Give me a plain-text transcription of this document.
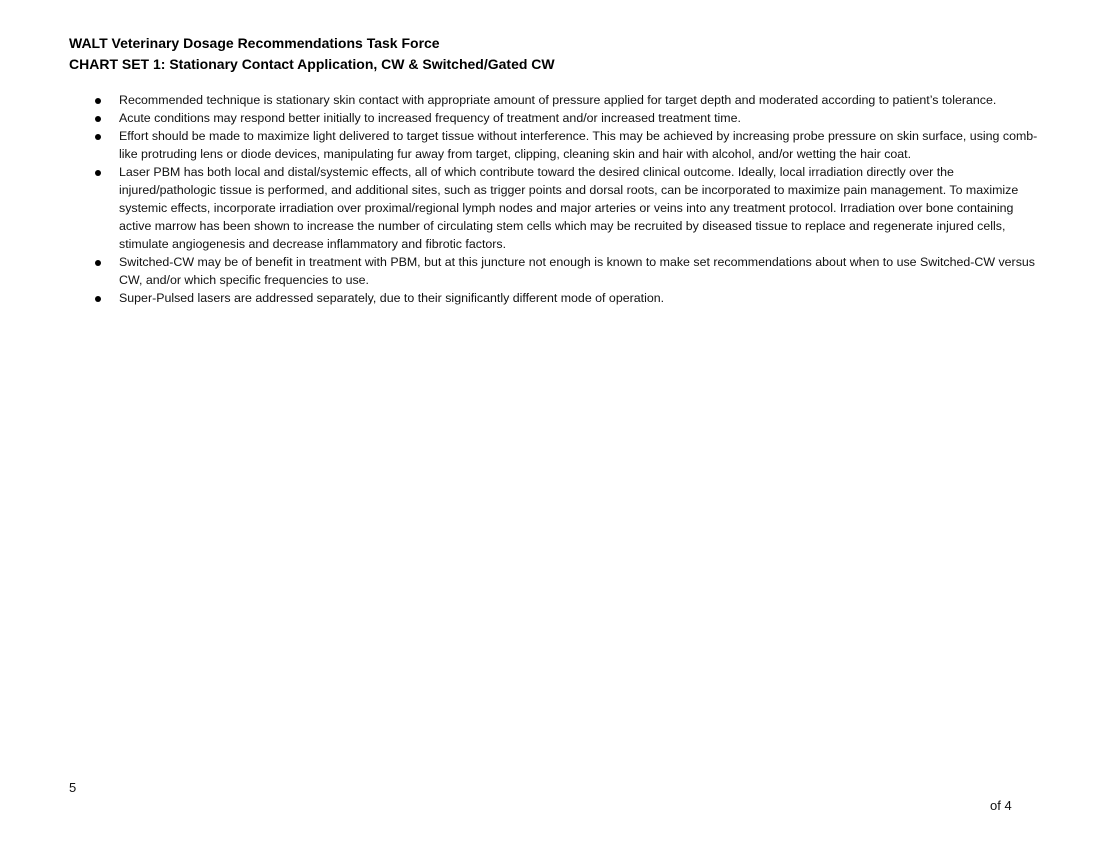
WALT Veterinary Dosage Recommendations Task Force
CHART SET 1: Stationary Contact Application, CW & Switched/Gated CW
Recommended technique is stationary skin contact with appropriate amount of pressure applied for target depth and moderated according to patient’s tolerance.
Acute conditions may respond better initially to increased frequency of treatment and/or increased treatment time.
Effort should be made to maximize light delivered to target tissue without interference. This may be achieved by increasing probe pressure on skin surface, using comb-like protruding lens or diode devices, manipulating fur away from target, clipping, cleaning skin and hair with alcohol, and/or wetting the hair coat.
Laser PBM has both local and distal/systemic effects, all of which contribute toward the desired clinical outcome. Ideally, local irradiation directly over the injured/pathologic tissue is performed, and additional sites, such as trigger points and dorsal roots, can be incorporated to maximize pain management. To maximize systemic effects, incorporate irradiation over proximal/regional lymph nodes and major arteries or veins into any treatment protocol. Irradiation over bone containing active marrow has been shown to increase the number of circulating stem cells which may be recruited by diseased tissue to replace and regenerate injured cells, stimulate angiogenesis and decrease inflammatory and fibrotic factors.
Switched-CW may be of benefit in treatment with PBM, but at this juncture not enough is known to make set recommendations about when to use Switched-CW versus CW, and/or which specific frequencies to use.
Super-Pulsed lasers are addressed separately, due to their significantly different mode of operation.
5
of 4
